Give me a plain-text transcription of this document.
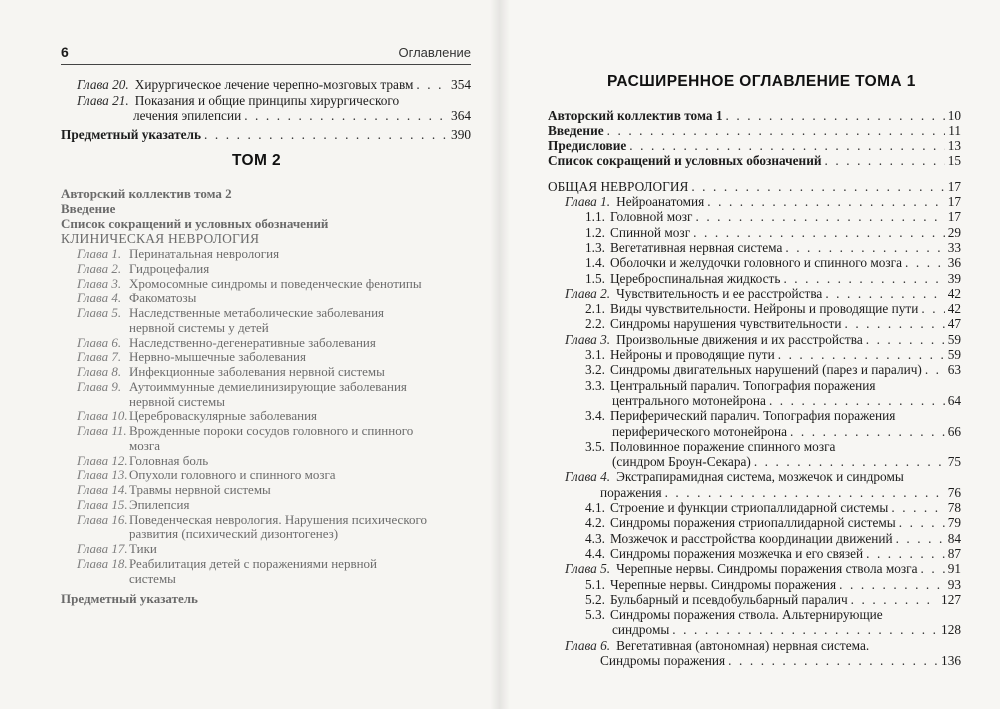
6	Оглавление
Глава 20. Хирургическое лечение черепно-мозговых травм . . .	354
Глава 21. Показания и общие принципы хирургического
лечения эпилепсии . . .	364
Предметный указатель . . .	390
ТОМ 2
Авторский коллектив тома 2
Введение
Список сокращений и условных обозначений
КЛИНИЧЕСКАЯ НЕВРОЛОГИЯ
Глава 1. Перинатальная неврология
Глава 2. Гидроцефалия
Глава 3. Хромосомные синдромы и поведенческие фенотипы
Глава 4. Факоматозы
Глава 5. Наследственные метаболические заболевания
нервной системы у детей
Глава 6. Наследственно-дегенеративные заболевания
Глава 7. Нервно-мышечные заболевания
Глава 8. Инфекционные заболевания нервной системы
Глава 9. Аутоиммунные демиелинизирующие заболевания
нервной системы
Глава 10. Цереброваскулярные заболевания
Глава 11. Врожденные пороки сосудов головного и спинного
мозга
Глава 12. Головная боль
Глава 13. Опухоли головного и спинного мозга
Глава 14. Травмы нервной системы
Глава 15. Эпилепсия
Глава 16. Поведенческая неврология. Нарушения психического
развития (психический дизонтогенез)
Глава 17. Тики
Глава 18. Реабилитация детей с поражениями нервной
системы
Предметный указатель
РАСШИРЕННОЕ ОГЛАВЛЕНИЕ ТОМА 1
Авторский коллектив тома 1 . . .	10
Введение . . .	11
Предисловие . . .	13
Список сокращений и условных обозначений . . .	15
ОБЩАЯ НЕВРОЛОГИЯ . . .	17
Глава 1. Нейроанатомия . . .	17
1.1. Головной мозг . . .	17
1.2. Спинной мозг . . .	29
1.3. Вегетативная нервная система . . .	33
1.4. Оболочки и желудочки головного и спинного мозга . . .	36
1.5. Цереброспинальная жидкость . . .	39
Глава 2. Чувствительность и ее расстройства . . .	42
2.1. Виды чувствительности. Нейроны и проводящие пути . . . 42
2.2. Синдромы нарушения чувствительности . . .	47
Глава 3. Произвольные движения и их расстройства . . .	59
3.1. Нейроны и проводящие пути . . .	59
3.2. Синдромы двигательных нарушений (парез и паралич) . . . 63
3.3. Центральный паралич. Топография поражения
центрального мотонейрона . . .	64
3.4. Периферический паралич. Топография поражения
периферического мотонейрона . . .	66
3.5. Половинное поражение спинного мозга
(синдром Броун-Секара) . . .	75
Глава 4. Экстрапирамидная система, мозжечок и синдромы
поражения . . .	76
4.1. Строение и функции стриопаллидарной системы . . .	78
4.2. Синдромы поражения стриопаллидарной системы . . .	79
4.3. Мозжечок и расстройства координации движений . . .	84
4.4. Синдромы поражения мозжечка и его связей . . .	87
Глава 5. Черепные нервы. Синдромы поражения ствола мозга . . . 91
5.1. Черепные нервы. Синдромы поражения . . .	93
5.2. Бульбарный и псевдобульбарный паралич . . .	127
5.3. Синдромы поражения ствола. Альтернирующие
синдромы . . .	128
Глава 6. Вегетативная (автономная) нервная система.
Синдромы поражения . . .	136
